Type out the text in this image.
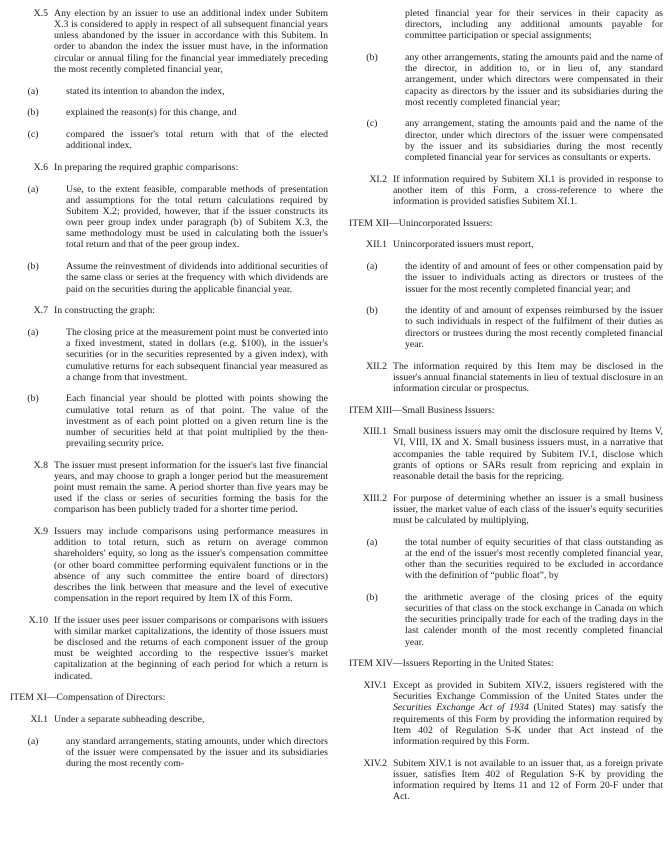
X.5 Any election by an issuer to use an additional index under Subitem X.3 is considered to apply in respect of all subsequent financial years unless abandoned by the issuer in accordance with this Subitem. In order to abandon the index the issuer must have, in the information circular or annual filing for the financial year immediately preceding the most recently completed financial year,
(a)	stated its intention to abandon the index,
(b)	explained the reason(s) for this change, and
(c)	compared the issuer's total return with that of the elected additional index.
X.6 In preparing the required graphic comparisons:
(a)	Use, to the extent feasible, comparable methods of presentation and assumptions for the total return calculations required by Subitem X.2; provided, however, that if the issuer constructs its own peer group index under paragraph (b) of Subitem X.3, the same methodology must be used in calculating both the issuer's total return and that of the peer group index.
(b)	Assume the reinvestment of dividends into additional securities of the same class or series at the frequency with which dividends are paid on the securities during the applicable financial year.
X.7 In constructing the graph:
(a)	The closing price at the measurement point must be converted into a fixed investment, stated in dollars (e.g. $100), in the issuer's securities (or in the securities represented by a given index), with cumulative returns for each subsequent financial year measured as a change from that investment.
(b)	Each financial year should be plotted with points showing the cumulative total return as of that point. The value of the investment as of each point plotted on a given return line is the number of securities held at that point multiplied by the then-prevailing security price.
X.8 The issuer must present information for the issuer's last five financial years, and may choose to graph a longer period but the measurement point must remain the same. A period shorter than five years may be used if the class or series of securities forming the basis for the comparison has been publicly traded for a shorter time period.
X.9 Issuers may include comparisons using performance measures in addition to total return, such as return on average common shareholders' equity, so long as the issuer's compensation committee (or other board committee performing equivalent functions or in the absence of any such committee the entire board of directors) describes the link between that measure and the level of executive compensation in the report required by Item IX of this Form.
X.10 If the issuer uses peer issuer comparisons or comparisons with issuers with similar market capitalizations, the identity of those issuers must be disclosed and the returns of each component issuer of the group must be weighted according to the respective issuer's market capitalization at the beginning of each period for which a return is indicated.
ITEM XI—Compensation of Directors:
XI.1 Under a separate subheading describe,
(a)	any standard arrangements, stating amounts, under which directors of the issuer were compensated by the issuer and its subsidiaries during the most recently com-
pleted financial year for their services in their capacity as directors, including any additional amounts payable for committee participation or special assignments;
(b)	any other arrangements, stating the amounts paid and the name of the director, in addition to, or in lieu of, any standard arrangement, under which directors were compensated in their capacity as directors by the issuer and its subsidiaries during the most recently completed financial year;
(c)	any arrangement, stating the amounts paid and the name of the director, under which directors of the issuer were compensated by the issuer and its subsidiaries during the most recently completed financial year for services as consultants or experts.
XI.2 If information required by Subitem XI.1 is provided in response to another item of this Form, a cross-reference to where the information is provided satisfies Subitem XI.1.
ITEM XII—Unincorporated Issuers:
XII.1 Unincorporated issuers must report,
(a)	the identity of and amount of fees or other compensation paid by the issuer to individuals acting as directors or trustees of the issuer for the most recently completed financial year; and
(b)	the identity of and amount of expenses reimbursed by the issuer to such individuals in respect of the fulfilment of their duties as directors or trustees during the most recently completed financial year.
XII.2 The information required by this Item may be disclosed in the issuer's annual financial statements in lieu of textual disclosure in an information circular or prospectus.
ITEM XIII—Small Business Issuers:
XIII.1 Small business issuers may omit the disclosure required by Items V, VI, VIII, IX and X. Small business issuers must, in a narrative that accompanies the table required by Subitem IV.1, disclose which grants of options or SARs result from repricing and explain in reasonable detail the basis for the repricing.
XIII.2 For purpose of determining whether an issuer is a small business issuer, the market value of each class of the issuer's equity securities must be calculated by multiplying,
(a)	the total number of equity securities of that class outstanding as at the end of the issuer's most recently completed financial year, other than the securities required to be excluded in accordance with the definition of “public float”, by
(b)	the arithmetic average of the closing prices of the equity securities of that class on the stock exchange in Canada on which the securities principally trade for each of the trading days in the last calender month of the most recently completed financial year.
ITEM XIV—Issuers Reporting in the United States:
XIV.1 Except as provided in Subitem XIV.2, issuers registered with the Securities Exchange Commission of the United States under the Securities Exchange Act of 1934 (United States) may satisfy the requirements of this Form by providing the information required by Item 402 of Regulation S-K under that Act instead of the information required by this Form.
XIV.2 Subitem XIV.1 is not available to an issuer that, as a foreign private issuer, satisfies Item 402 of Regulation S-K by providing the information required by Items 11 and 12 of Form 20-F under that Act.
